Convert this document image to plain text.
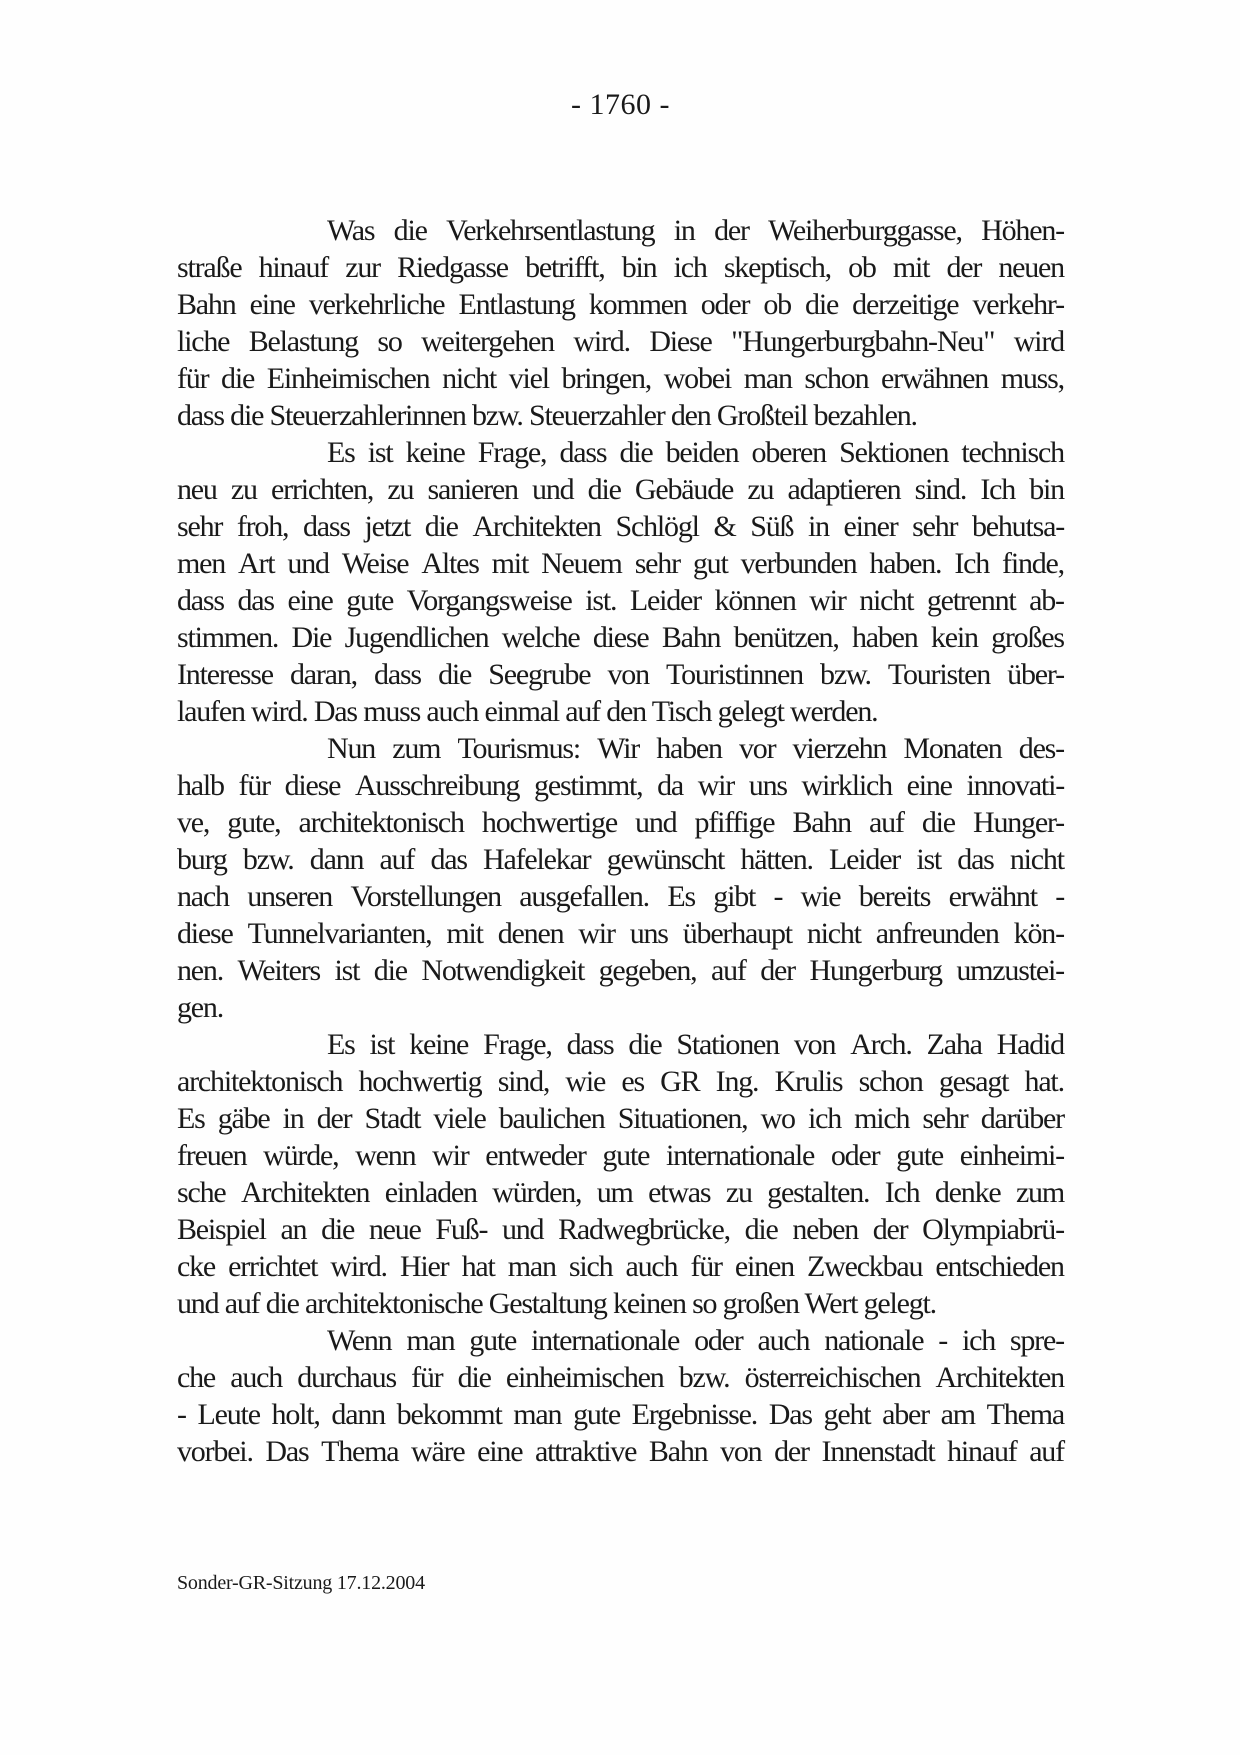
- 1760 -
Was die Verkehrsentlastung in der Weiherburggasse, Höhen-
straße hinauf zur Riedgasse betrifft, bin ich skeptisch, ob mit der neuen
Bahn eine verkehrliche Entlastung kommen oder ob die derzeitige verkehr-
liche Belastung so weitergehen wird. Diese "Hungerburgbahn-Neu" wird
für die Einheimischen nicht viel bringen, wobei man schon erwähnen muss,
dass die Steuerzahlerinnen bzw. Steuerzahler den Großteil bezahlen.
Es ist keine Frage, dass die beiden oberen Sektionen technisch
neu zu errichten, zu sanieren und die Gebäude zu adaptieren sind. Ich bin
sehr froh, dass jetzt die Architekten Schlögl & Süß in einer sehr behutsa-
men Art und Weise Altes mit Neuem sehr gut verbunden haben. Ich finde,
dass das eine gute Vorgangsweise ist. Leider können wir nicht getrennt ab-
stimmen. Die Jugendlichen welche diese Bahn benützen, haben kein großes
Interesse daran, dass die Seegrube von Touristinnen bzw. Touristen über-
laufen wird. Das muss auch einmal auf den Tisch gelegt werden.
Nun zum Tourismus: Wir haben vor vierzehn Monaten des-
halb für diese Ausschreibung gestimmt, da wir uns wirklich eine innovati-
ve, gute, architektonisch hochwertige und pfiffige Bahn auf die Hunger-
burg bzw. dann auf das Hafelekar gewünscht hätten. Leider ist das nicht
nach unseren Vorstellungen ausgefallen. Es gibt - wie bereits erwähnt -
diese Tunnelvarianten, mit denen wir uns überhaupt nicht anfreunden kön-
nen. Weiters ist die Notwendigkeit gegeben, auf der Hungerburg umzustei-
gen.
Es ist keine Frage, dass die Stationen von Arch. Zaha Hadid
architektonisch hochwertig sind, wie es GR Ing. Krulis schon gesagt hat.
Es gäbe in der Stadt viele baulichen Situationen, wo ich mich sehr darüber
freuen würde, wenn wir entweder gute internationale oder gute einheimi-
sche Architekten einladen würden, um etwas zu gestalten. Ich denke zum
Beispiel an die neue Fuß- und Radwegbrücke, die neben der Olympiabrü-
cke errichtet wird. Hier hat man sich auch für einen Zweckbau entschieden
und auf die architektonische Gestaltung keinen so großen Wert gelegt.
Wenn man gute internationale oder auch nationale - ich spre-
che auch durchaus für die einheimischen bzw. österreichischen Architekten
- Leute holt, dann bekommt man gute Ergebnisse. Das geht aber am Thema
vorbei. Das Thema wäre eine attraktive Bahn von der Innenstadt hinauf auf
Sonder-GR-Sitzung 17.12.2004
